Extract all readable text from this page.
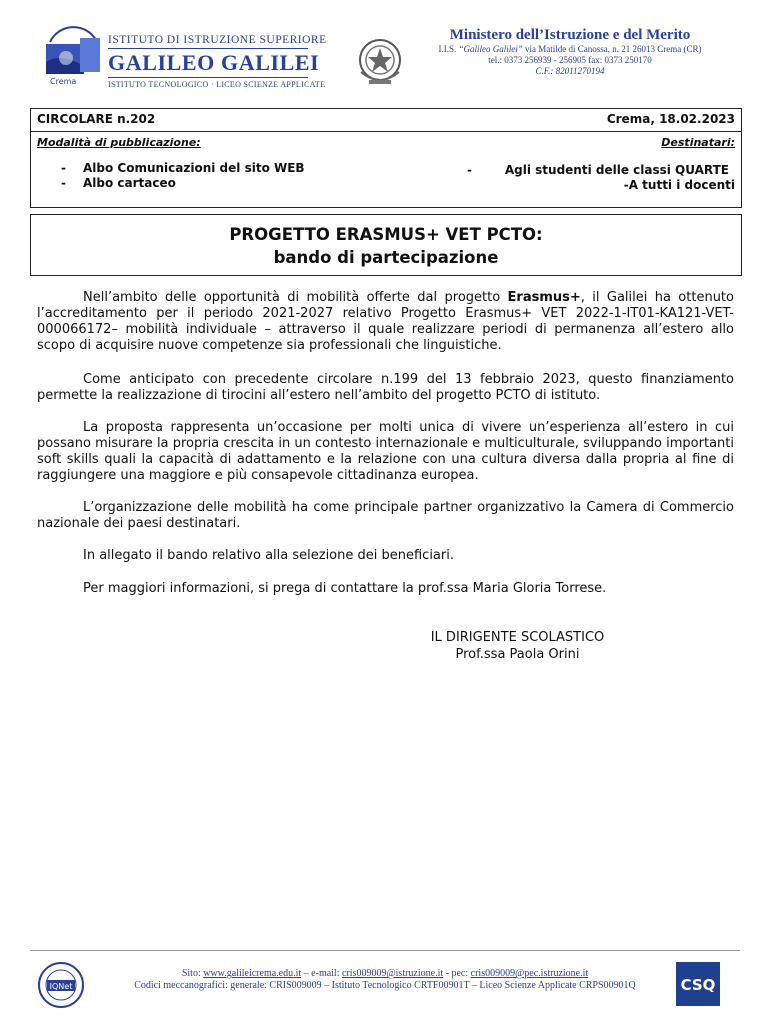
Crema
ISTITUTO DI ISTRUZIONE SUPERIORE
GALILEO GALILEI
ISTITUTO TECNOLOGICO · LICEO SCIENZE APPLICATE
Ministero dell’Istruzione e del Merito
I.I.S. “Galileo Galilei” via Matilde di Canossa, n. 21 26013 Crema (CR)
tel.: 0373 256939 - 256905 fax: 0373 250170
C.F.: 82011270194
CIRCOLARE n.202	Crema, 18.02.2023
Modalità di pubblicazione:	Destinatari:
- Albo Comunicazioni del sito WEB
- Albo cartaceo
-	Agli studenti delle classi QUARTE
-A tutti i docenti
PROGETTO ERASMUS+ VET PCTO:
bando di partecipazione
Nell’ambito delle opportunità di mobilità offerte dal progetto Erasmus+, il Galilei ha ottenuto l’accreditamento per il periodo 2021-2027 relativo Progetto Erasmus+ VET 2022-1-IT01-KA121-VET-000066172– mobilità individuale – attraverso il quale realizzare periodi di permanenza all’estero allo scopo di acquisire nuove competenze sia professionali che linguistiche.
Come anticipato con precedente circolare n.199 del 13 febbraio 2023, questo finanziamento permette la realizzazione di tirocini all’estero nell’ambito del progetto PCTO di istituto.
La proposta rappresenta un’occasione per molti unica di vivere un’esperienza all’estero in cui possano misurare la propria crescita in un contesto internazionale e multiculturale, sviluppando importanti soft skills quali la capacità di adattamento e la relazione con una cultura diversa dalla propria al fine di raggiungere una maggiore e più consapevole cittadinanza europea.
L’organizzazione delle mobilità ha come principale partner organizzativo la Camera di Commercio nazionale dei paesi destinatari.
In allegato il bando relativo alla selezione dei beneficiari.
Per maggiori informazioni, si prega di contattare la prof.ssa Maria Gloria Torrese.
IL DIRIGENTE SCOLASTICO
Prof.ssa Paola Orini
IQNet
Sito: www.galileicrema.edu.it – e-mail: cris009009@istruzione.it - pec: cris009009@pec.istruzione.it
Codici meccanografici: generale: CRIS009009 – Istituto Tecnologico CRTF00901T – Liceo Scienze Applicate CRPS00901Q	CSQ
